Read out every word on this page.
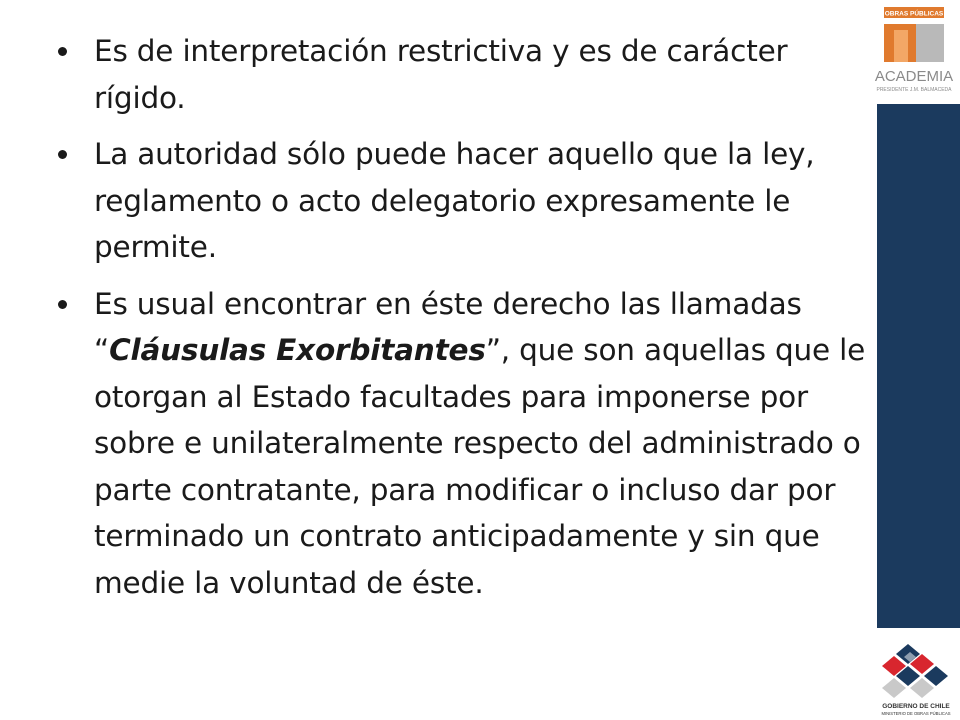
Es de interpretación restrictiva y es de carácter rígido.
La autoridad sólo puede hacer aquello que la ley, reglamento o acto delegatorio expresamente le permite.
Es usual encontrar en éste derecho las llamadas “Cláusulas Exorbitantes”, que son aquellas que le otorgan al Estado facultades para imponerse por sobre e unilateralmente respecto del administrado o parte contratante, para modificar o incluso dar por terminado un contrato anticipadamente y sin que medie la voluntad de éste.
OBRAS PÚBLICAS
ACADEMIA
PRESIDENTE J.M. BALMACEDA
GOBIERNO DE CHILE
MINISTERIO DE OBRAS PÚBLICAS
